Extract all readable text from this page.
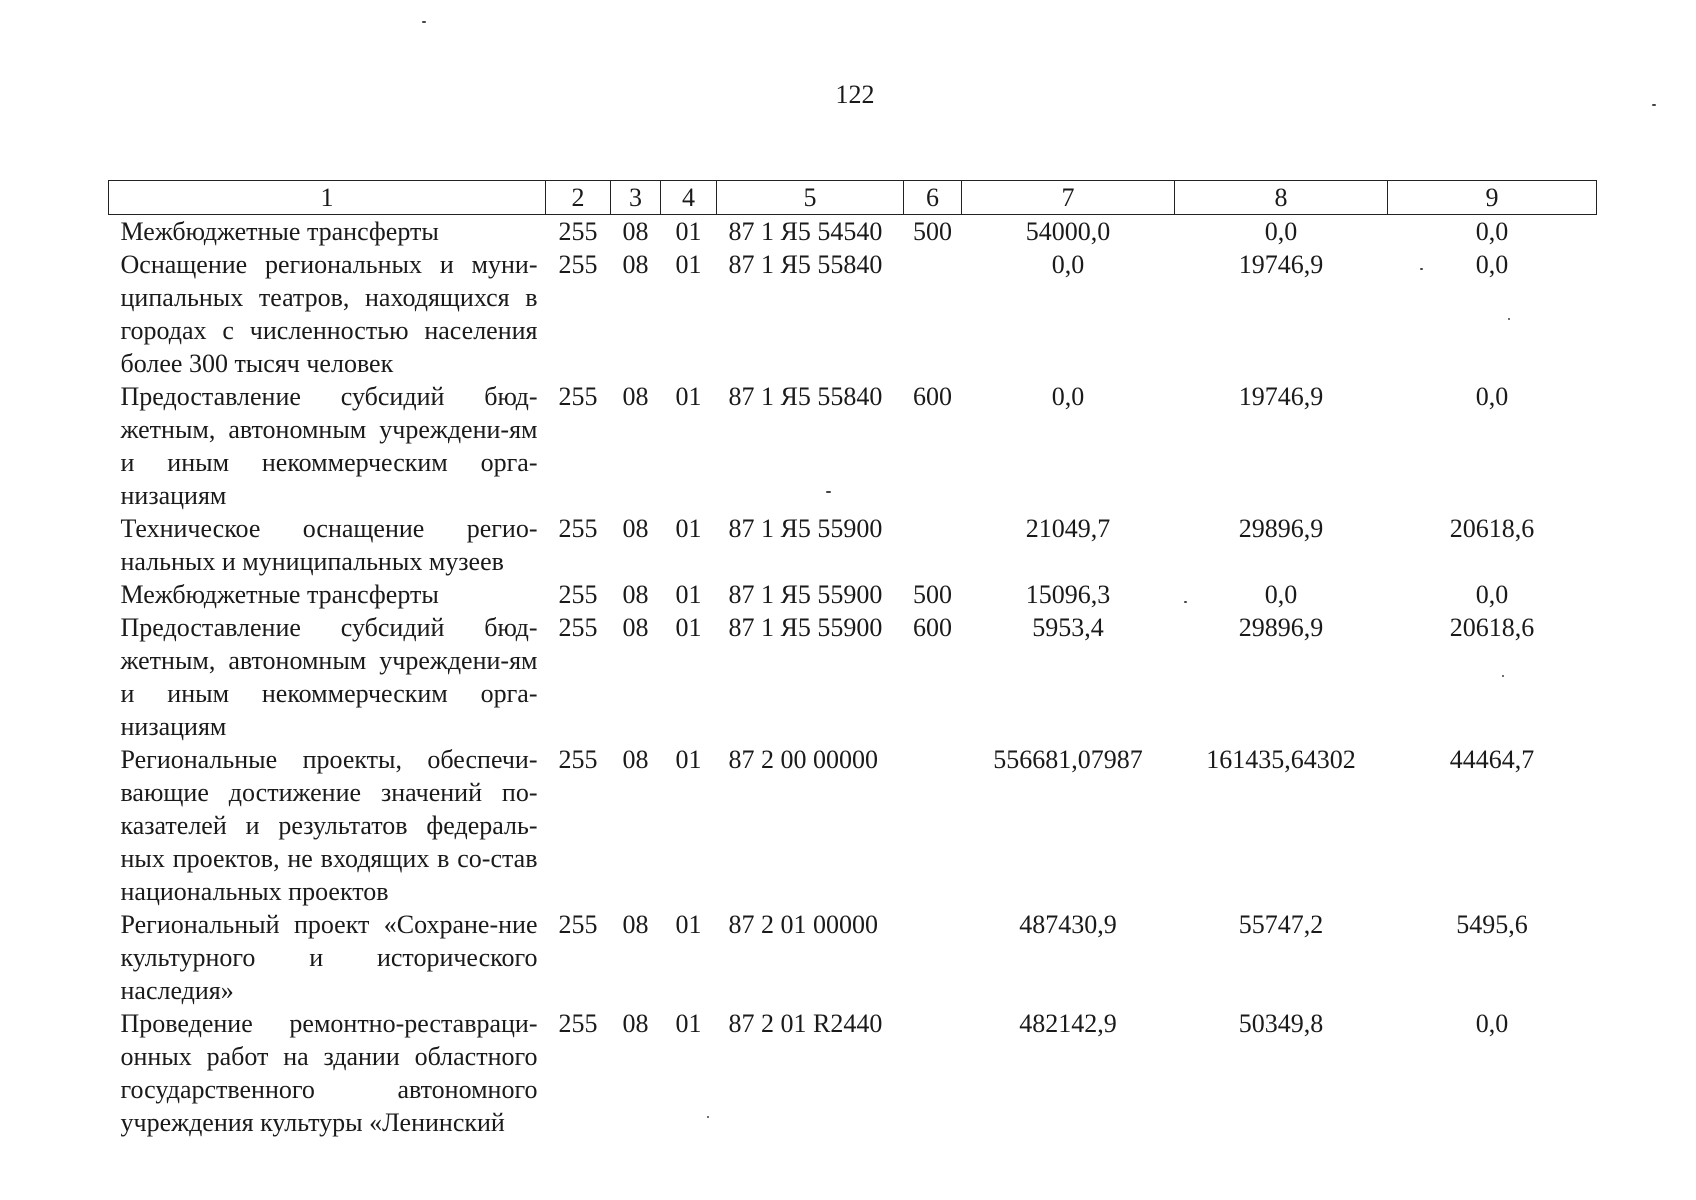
122
1	2	3	4	5	6	7	8	9
Межбюджетные трансферты	255	08	01	87 1 Я5 54540	500	54000,0	0,0	0,0
Оснащение региональных и муни-ципальных театров, находящихся в городах с численностью населения более 300 тысяч человек	255	08	01	87 1 Я5 55840		0,0	19746,9	0,0
Предоставление субсидий бюд-жетным, автономным учреждени-ям и иным некоммерческим орга-низациям	255	08	01	87 1 Я5 55840	600	0,0	19746,9	0,0
Техническое оснащение регио-нальных и муниципальных музеев	255	08	01	87 1 Я5 55900		21049,7	29896,9	20618,6
Межбюджетные трансферты	255	08	01	87 1 Я5 55900	500	15096,3	0,0	0,0
Предоставление субсидий бюд-жетным, автономным учреждени-ям и иным некоммерческим орга-низациям	255	08	01	87 1 Я5 55900	600	5953,4	29896,9	20618,6
Региональные проекты, обеспечи-вающие достижение значений по-казателей и результатов федераль-ных проектов, не входящих в со-став национальных проектов	255	08	01	87 2 00 00000		556681,07987	161435,64302	44464,7
Региональный проект «Сохране-ние культурного и исторического наследия»	255	08	01	87 2 01 00000		487430,9	55747,2	5495,6
Проведение ремонтно-реставраци-онных работ на здании областного государственного автономного учреждения культуры «Ленинский	255	08	01	87 2 01 R2440		482142,9	50349,8	0,0
